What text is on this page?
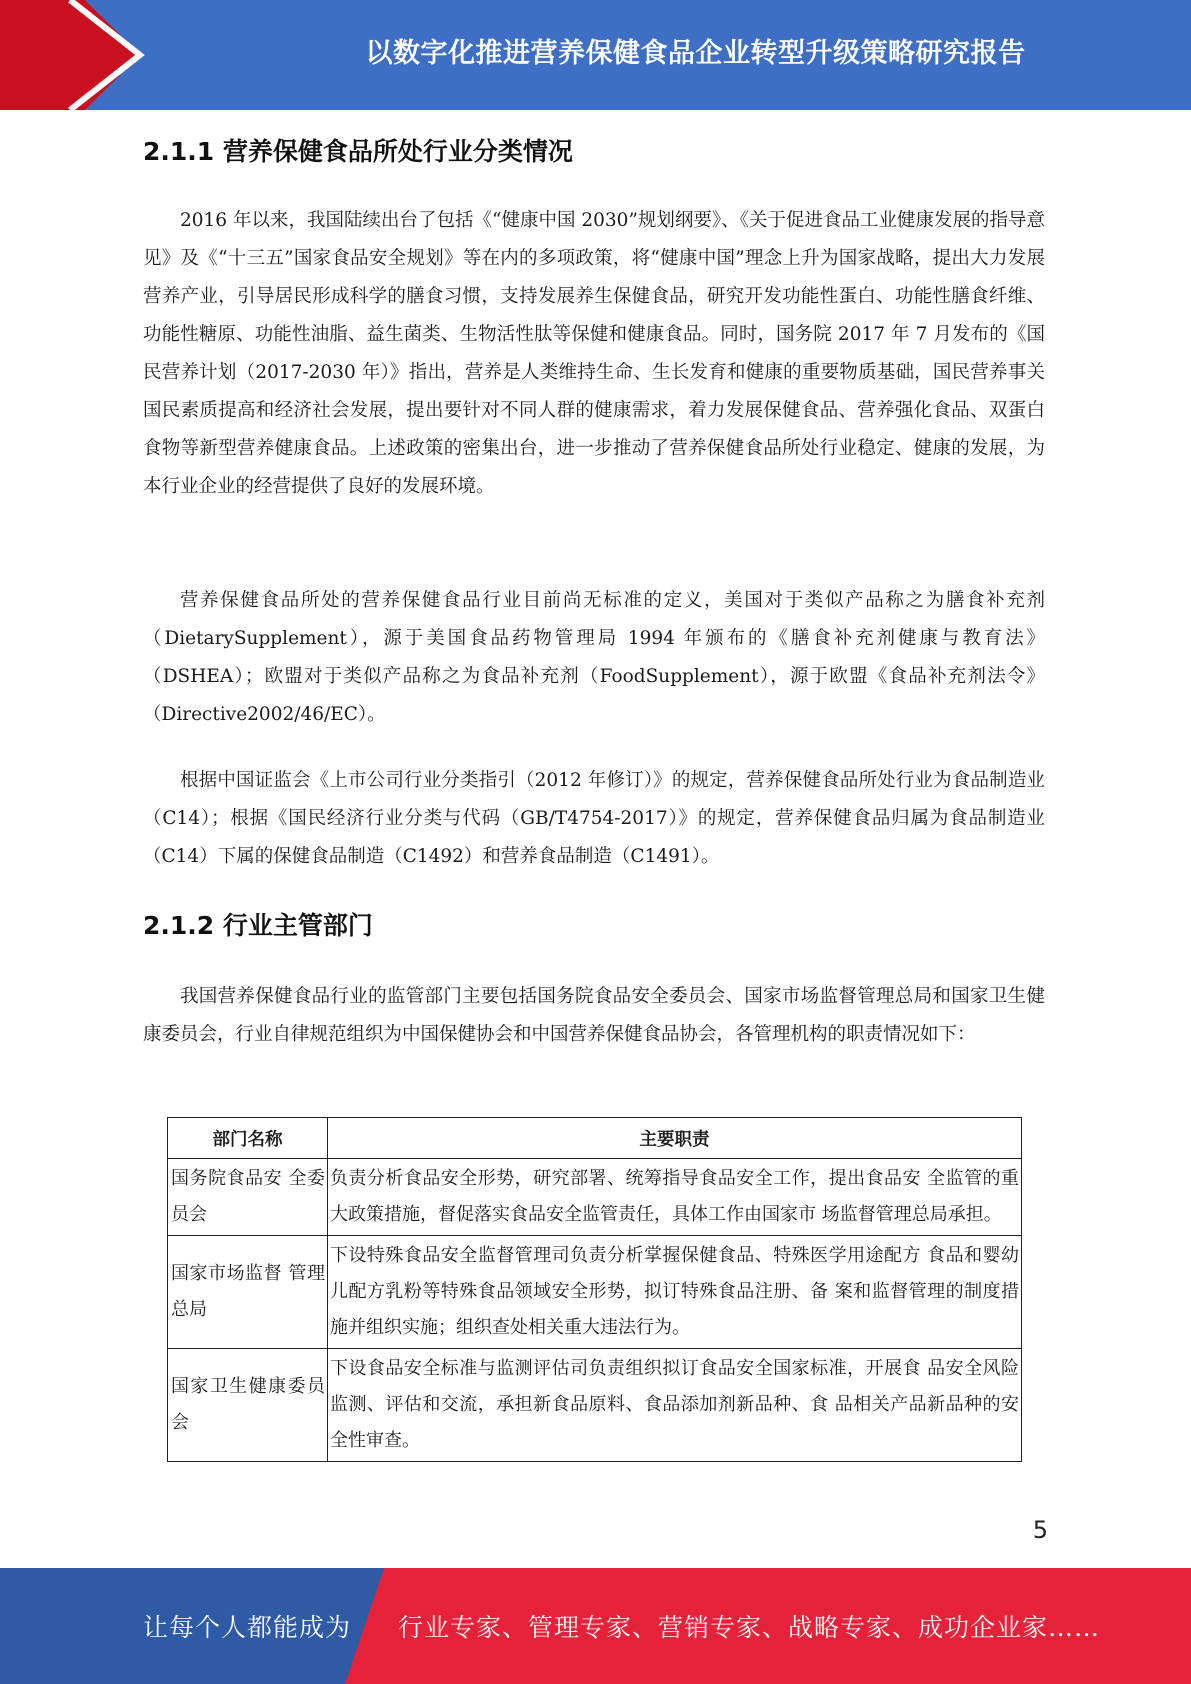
以数字化推进营养保健食品企业转型升级策略研究报告
2.1.1 营养保健食品所处行业分类情况

2016 年以来，我国陆续出台了包括《“健康中国 2030”规划纲要》、《关于促进食品工业健康发展的指导意见》及《“十三五”国家食品安全规划》等在内的多项政策，将“健康中国”理念上升为国家战略，提出大力发展营养产业，引导居民形成科学的膳食习惯，支持发展养生保健食品，研究开发功能性蛋白、功能性膳食纤维、功能性糖原、功能性油脂、益生菌类、生物活性肽等保健和健康食品。同时，国务院 2017 年 7 月发布的《国民营养计划（2017-2030 年）》指出，营养是人类维持生命、生长发育和健康的重要物质基础，国民营养事关国民素质提高和经济社会发展，提出要针对不同人群的健康需求，着力发展保健食品、营养强化食品、双蛋白食物等新型营养健康食品。上述政策的密集出台，进一步推动了营养保健食品所处行业稳定、健康的发展，为本行业企业的经营提供了良好的发展环境。

营养保健食品所处的营养保健食品行业目前尚无标准的定义，美国对于类似产品称之为膳食补充剂（DietarySupplement），源于美国食品药物管理局 1994 年颁布的《膳食补充剂健康与教育法》（DSHEA）；欧盟对于类似产品称之为食品补充剂（FoodSupplement），源于欧盟《食品补充剂法令》（Directive2002/46/EC）。

根据中国证监会《上市公司行业分类指引（2012 年修订）》的规定，营养保健食品所处行业为食品制造业（C14）；根据《国民经济行业分类与代码（GB/T4754-2017）》的规定，营养保健食品归属为食品制造业（C14）下属的保健食品制造（C1492）和营养食品制造（C1491）。

2.1.2 行业主管部门

我国营养保健食品行业的监管部门主要包括国务院食品安全委员会、国家市场监督管理总局和国家卫生健康委员会，行业自律规范组织为中国保健协会和中国营养保健食品协会，各管理机构的职责情况如下：

部门名称	主要职责
国务院食品安 全委员会	负责分析食品安全形势，研究部署、统筹指导食品安全工作，提出食品安 全监管的重大政策措施，督促落实食品安全监管责任，具体工作由国家市 场监督管理总局承担。
国家市场监督 管理总局	下设特殊食品安全监督管理司负责分析掌握保健食品、特殊医学用途配方 食品和婴幼儿配方乳粉等特殊食品领域安全形势，拟订特殊食品注册、备 案和监督管理的制度措施并组织实施；组织查处相关重大违法行为。
国家卫生健康委员会	下设食品安全标准与监测评估司负责组织拟订食品安全国家标准，开展食 品安全风险监测、评估和交流，承担新食品原料、食品添加剂新品种、食 品相关产品新品种的安全性审查。
5
让每个人都能成为 行业专家、管理专家、营销专家、战略专家、成功企业家……
